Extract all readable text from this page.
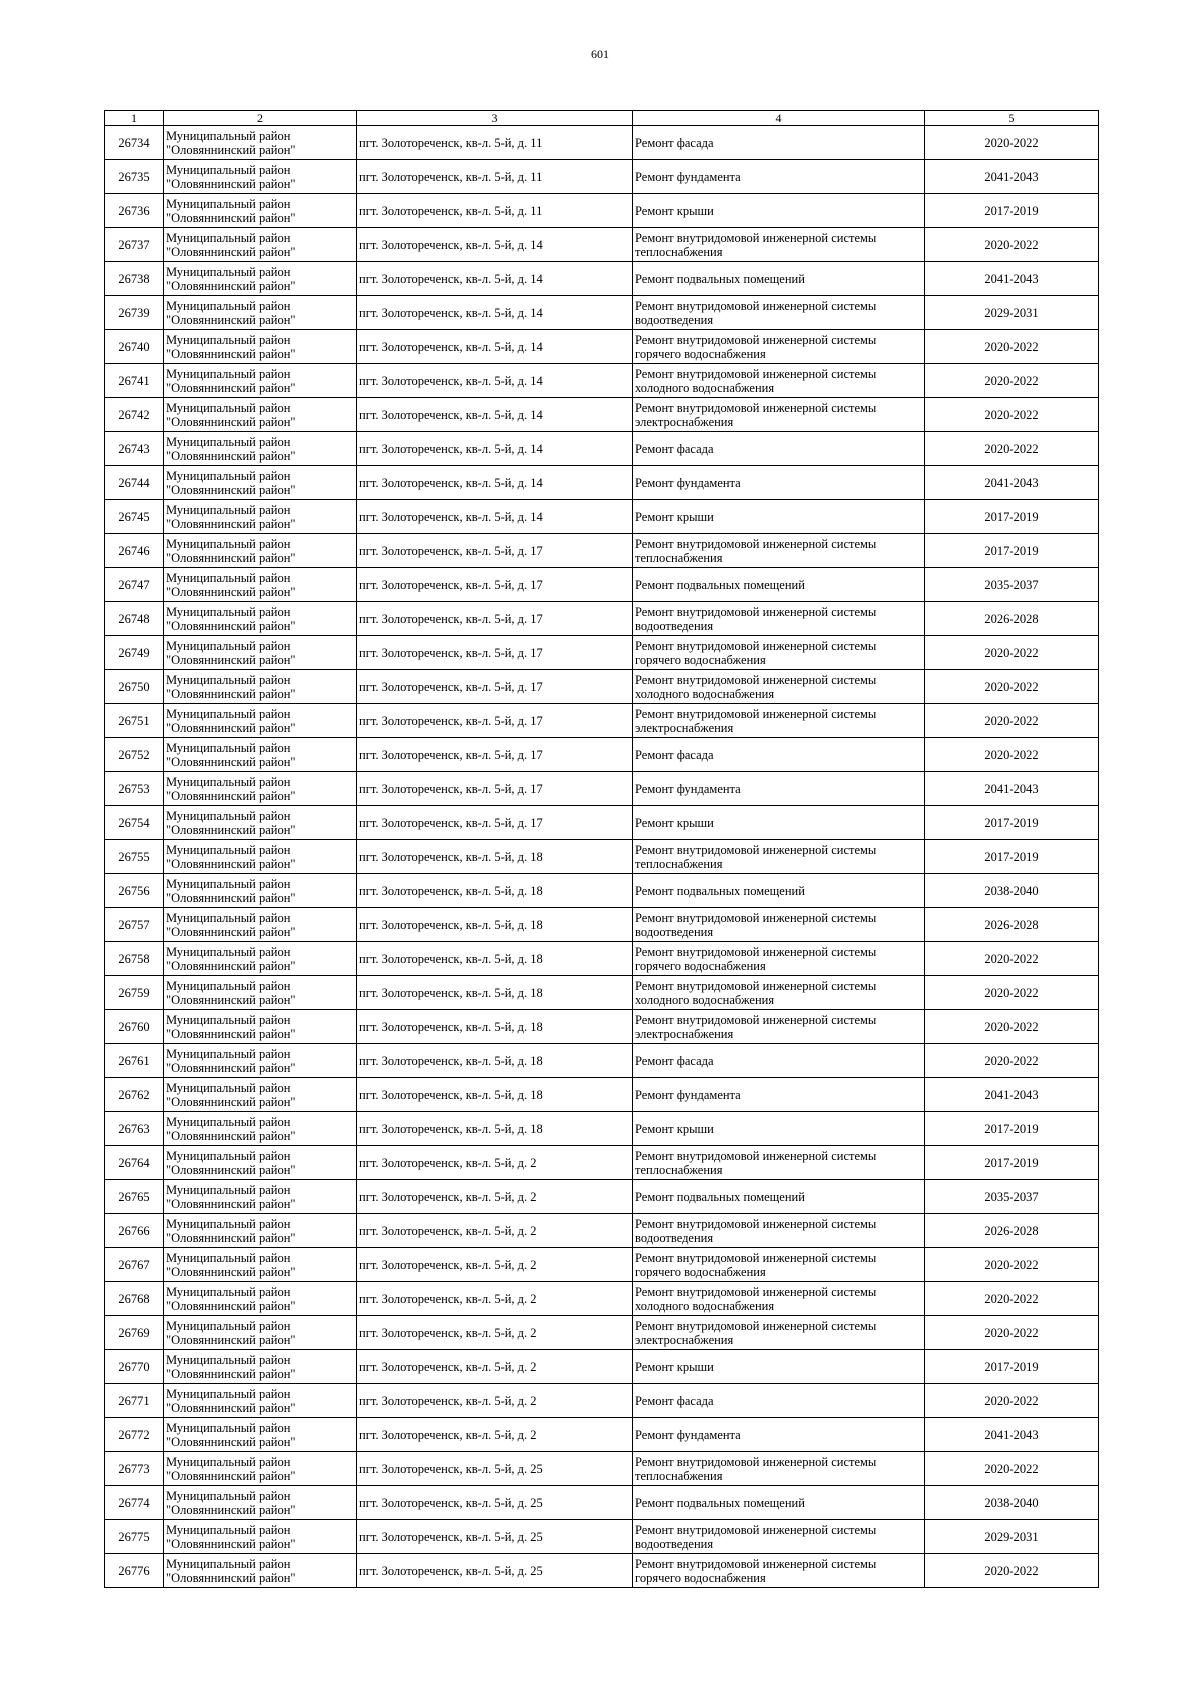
601
1	2	3	4	5
26734	Муниципальный район "Оловяннинский район"	пгт. Золотореченск, кв-л. 5-й, д. 11	Ремонт фасада	2020-2022
26735	Муниципальный район "Оловяннинский район"	пгт. Золотореченск, кв-л. 5-й, д. 11	Ремонт фундамента	2041-2043
26736	Муниципальный район "Оловяннинский район"	пгт. Золотореченск, кв-л. 5-й, д. 11	Ремонт крыши	2017-2019
26737	Муниципальный район "Оловяннинский район"	пгт. Золотореченск, кв-л. 5-й, д. 14	Ремонт внутридомовой инженерной системы теплоснабжения	2020-2022
26738	Муниципальный район "Оловяннинский район"	пгт. Золотореченск, кв-л. 5-й, д. 14	Ремонт подвальных помещений	2041-2043
26739	Муниципальный район "Оловяннинский район"	пгт. Золотореченск, кв-л. 5-й, д. 14	Ремонт внутридомовой инженерной системы водоотведения	2029-2031
26740	Муниципальный район "Оловяннинский район"	пгт. Золотореченск, кв-л. 5-й, д. 14	Ремонт внутридомовой инженерной системы горячего водоснабжения	2020-2022
26741	Муниципальный район "Оловяннинский район"	пгт. Золотореченск, кв-л. 5-й, д. 14	Ремонт внутридомовой инженерной системы холодного водоснабжения	2020-2022
26742	Муниципальный район "Оловяннинский район"	пгт. Золотореченск, кв-л. 5-й, д. 14	Ремонт внутридомовой инженерной системы электроснабжения	2020-2022
26743	Муниципальный район "Оловяннинский район"	пгт. Золотореченск, кв-л. 5-й, д. 14	Ремонт фасада	2020-2022
26744	Муниципальный район "Оловяннинский район"	пгт. Золотореченск, кв-л. 5-й, д. 14	Ремонт фундамента	2041-2043
26745	Муниципальный район "Оловяннинский район"	пгт. Золотореченск, кв-л. 5-й, д. 14	Ремонт крыши	2017-2019
26746	Муниципальный район "Оловяннинский район"	пгт. Золотореченск, кв-л. 5-й, д. 17	Ремонт внутридомовой инженерной системы теплоснабжения	2017-2019
26747	Муниципальный район "Оловяннинский район"	пгт. Золотореченск, кв-л. 5-й, д. 17	Ремонт подвальных помещений	2035-2037
26748	Муниципальный район "Оловяннинский район"	пгт. Золотореченск, кв-л. 5-й, д. 17	Ремонт внутридомовой инженерной системы водоотведения	2026-2028
26749	Муниципальный район "Оловяннинский район"	пгт. Золотореченск, кв-л. 5-й, д. 17	Ремонт внутридомовой инженерной системы горячего водоснабжения	2020-2022
26750	Муниципальный район "Оловяннинский район"	пгт. Золотореченск, кв-л. 5-й, д. 17	Ремонт внутридомовой инженерной системы холодного водоснабжения	2020-2022
26751	Муниципальный район "Оловяннинский район"	пгт. Золотореченск, кв-л. 5-й, д. 17	Ремонт внутридомовой инженерной системы электроснабжения	2020-2022
26752	Муниципальный район "Оловяннинский район"	пгт. Золотореченск, кв-л. 5-й, д. 17	Ремонт фасада	2020-2022
26753	Муниципальный район "Оловяннинский район"	пгт. Золотореченск, кв-л. 5-й, д. 17	Ремонт фундамента	2041-2043
26754	Муниципальный район "Оловяннинский район"	пгт. Золотореченск, кв-л. 5-й, д. 17	Ремонт крыши	2017-2019
26755	Муниципальный район "Оловяннинский район"	пгт. Золотореченск, кв-л. 5-й, д. 18	Ремонт внутридомовой инженерной системы теплоснабжения	2017-2019
26756	Муниципальный район "Оловяннинский район"	пгт. Золотореченск, кв-л. 5-й, д. 18	Ремонт подвальных помещений	2038-2040
26757	Муниципальный район "Оловяннинский район"	пгт. Золотореченск, кв-л. 5-й, д. 18	Ремонт внутридомовой инженерной системы водоотведения	2026-2028
26758	Муниципальный район "Оловяннинский район"	пгт. Золотореченск, кв-л. 5-й, д. 18	Ремонт внутридомовой инженерной системы горячего водоснабжения	2020-2022
26759	Муниципальный район "Оловяннинский район"	пгт. Золотореченск, кв-л. 5-й, д. 18	Ремонт внутридомовой инженерной системы холодного водоснабжения	2020-2022
26760	Муниципальный район "Оловяннинский район"	пгт. Золотореченск, кв-л. 5-й, д. 18	Ремонт внутридомовой инженерной системы электроснабжения	2020-2022
26761	Муниципальный район "Оловяннинский район"	пгт. Золотореченск, кв-л. 5-й, д. 18	Ремонт фасада	2020-2022
26762	Муниципальный район "Оловяннинский район"	пгт. Золотореченск, кв-л. 5-й, д. 18	Ремонт фундамента	2041-2043
26763	Муниципальный район "Оловяннинский район"	пгт. Золотореченск, кв-л. 5-й, д. 18	Ремонт крыши	2017-2019
26764	Муниципальный район "Оловяннинский район"	пгт. Золотореченск, кв-л. 5-й, д. 2	Ремонт внутридомовой инженерной системы теплоснабжения	2017-2019
26765	Муниципальный район "Оловяннинский район"	пгт. Золотореченск, кв-л. 5-й, д. 2	Ремонт подвальных помещений	2035-2037
26766	Муниципальный район "Оловяннинский район"	пгт. Золотореченск, кв-л. 5-й, д. 2	Ремонт внутридомовой инженерной системы водоотведения	2026-2028
26767	Муниципальный район "Оловяннинский район"	пгт. Золотореченск, кв-л. 5-й, д. 2	Ремонт внутридомовой инженерной системы горячего водоснабжения	2020-2022
26768	Муниципальный район "Оловяннинский район"	пгт. Золотореченск, кв-л. 5-й, д. 2	Ремонт внутридомовой инженерной системы холодного водоснабжения	2020-2022
26769	Муниципальный район "Оловяннинский район"	пгт. Золотореченск, кв-л. 5-й, д. 2	Ремонт внутридомовой инженерной системы электроснабжения	2020-2022
26770	Муниципальный район "Оловяннинский район"	пгт. Золотореченск, кв-л. 5-й, д. 2	Ремонт крыши	2017-2019
26771	Муниципальный район "Оловяннинский район"	пгт. Золотореченск, кв-л. 5-й, д. 2	Ремонт фасада	2020-2022
26772	Муниципальный район "Оловяннинский район"	пгт. Золотореченск, кв-л. 5-й, д. 2	Ремонт фундамента	2041-2043
26773	Муниципальный район "Оловяннинский район"	пгт. Золотореченск, кв-л. 5-й, д. 25	Ремонт внутридомовой инженерной системы теплоснабжения	2020-2022
26774	Муниципальный район "Оловяннинский район"	пгт. Золотореченск, кв-л. 5-й, д. 25	Ремонт подвальных помещений	2038-2040
26775	Муниципальный район "Оловяннинский район"	пгт. Золотореченск, кв-л. 5-й, д. 25	Ремонт внутридомовой инженерной системы водоотведения	2029-2031
26776	Муниципальный район "Оловяннинский район"	пгт. Золотореченск, кв-л. 5-й, д. 25	Ремонт внутридомовой инженерной системы горячего водоснабжения	2020-2022
